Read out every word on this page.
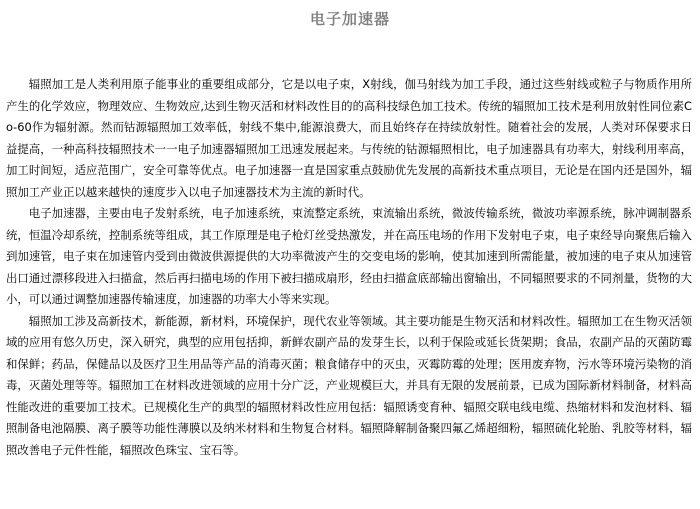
电子加速器

辐照加工是人类利用原子能事业的重要组成部分，它是以电子束，X射线，伽马射线为加工手段，通过这些射线或粒子与物质作用所产生的化学效应，物理效应、生物效应,达到生物灭活和材料改性目的的高科技绿色加工技术。传统的辐照加工技术是利用放射性同位素Co-60作为辐射源。然而钴源辐照加工效率低，射线不集中,能源浪费大，而且始终存在持续放射性。随着社会的发展，人类对环保要求日益提高，一种高科技辐照技术一一电子加速器辐照加工迅速发展起来。与传统的钴源辐照相比，电子加速器具有功率大，射线利用率高，加工时间短，适应范围广，安全可靠等优点。电子加速器一直是国家重点鼓励优先发展的高新技术重点项目，无论是在国内还是国外，辐照加工产业正以越来越快的速度步入以电子加速器技术为主流的新时代。

电子加速器，主要由电子发射系统，电子加速系统，束流整定系统，束流输出系统，微波传输系统，微波功率源系统，脉冲调制器系统，恒温冷却系统，控制系统等组成，其工作原理是电子枪灯丝受热激发，并在高压电场的作用下发射电子束，电子束经导向聚焦后输入到加速管，电子束在加速管内受到由微波供源提供的大功率微波产生的交变电场的影响，使其加速到所需能量，被加速的电子束从加速管出口通过漂移段进入扫描盒，然后再扫描电场的作用下被扫描成扇形，经由扫描盒底部输出窗输出，不同辐照要求的不同剂量，货物的大小，可以通过调整加速器传输速度，加速器的功率大小等来实现。

辐照加工涉及高新技术，新能源，新材料，环境保护，现代农业等领域。其主要功能是生物灭活和材料改性。辐照加工在生物灭活领域的应用有悠久历史，深入研究，典型的应用包括抑，新鲜农副产品的发芽生长，以利于保险或延长货架期；食品，农副产品的灭菌防霉和保鲜；药品，保健品以及医疗卫生用品等产品的消毒灭菌；粮食储存中的灭虫，灭霉防霉的处理；医用废弃物，污水等环境污染物的消毒，灭菌处理等等。辐照加工在材料改进领域的应用十分广泛，产业规模巨大，并具有无限的发展前景，已成为国际新材料制备，材料高性能改进的重要加工技术。已规模化生产的典型的辐照材料改性应用包括：辐照诱变育种、辐照交联电线电缆、热缩材料和发泡材料、辐照制备电池隔膜、离子膜等功能性薄膜以及纳米材料和生物复合材料。辐照降解制备聚四氟乙烯超细粉，辐照硫化轮胎、乳胶等材料，辐照改善电子元件性能，辐照改色珠宝、宝石等。
